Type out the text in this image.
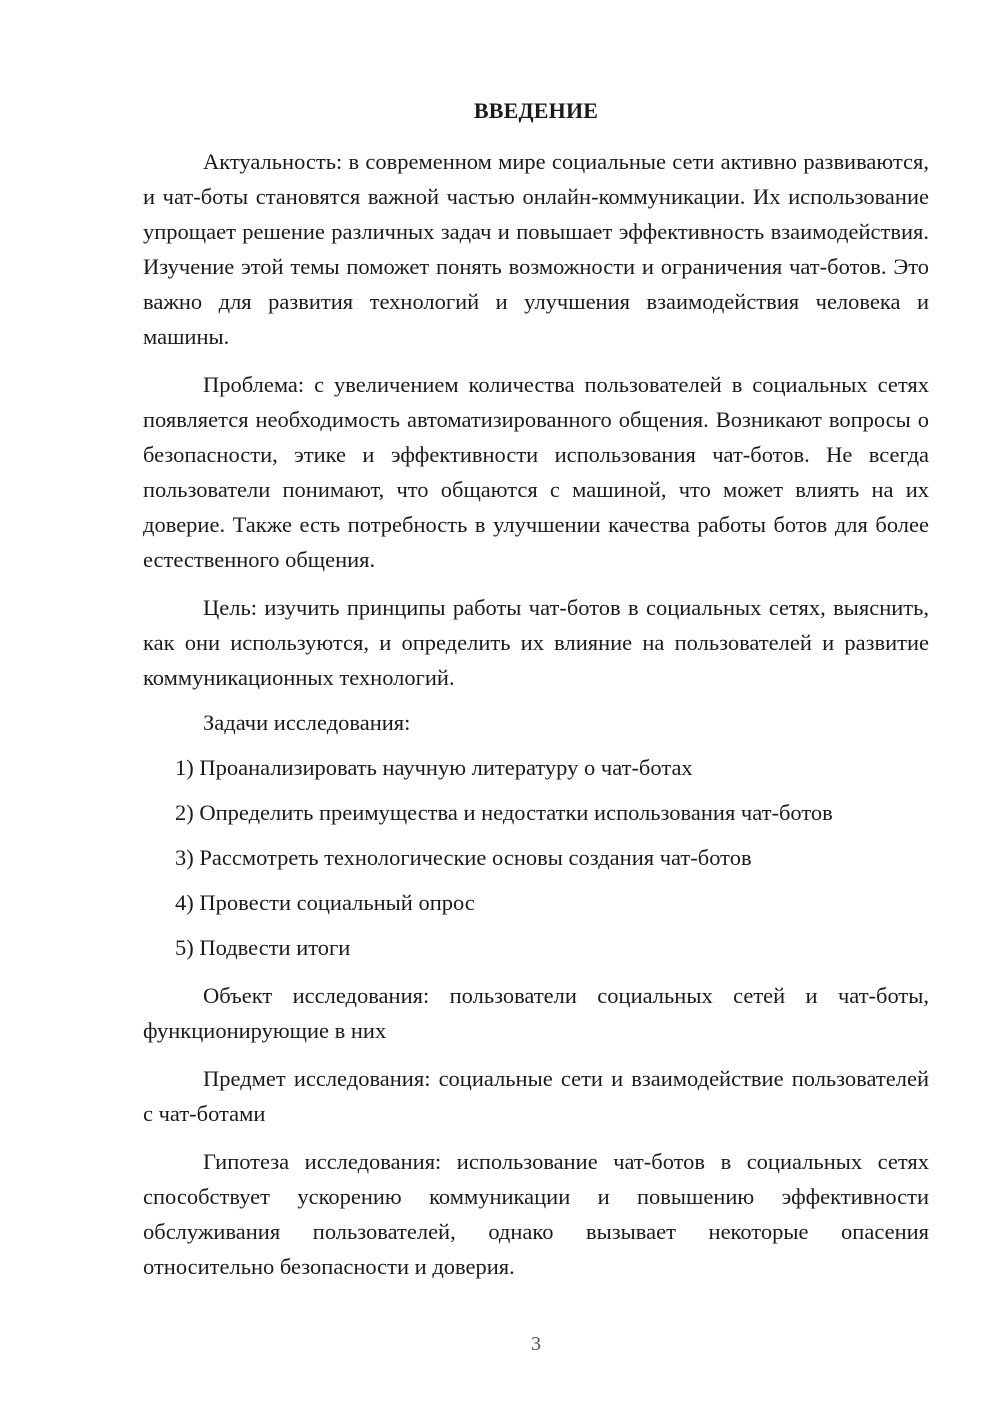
ВВЕДЕНИЕ

Актуальность: в современном мире социальные сети активно развиваются, и чат-боты становятся важной частью онлайн-коммуникации. Их использование упрощает решение различных задач и повышает эффективность взаимодействия. Изучение этой темы поможет понять возможности и ограничения чат-ботов. Это важно для развития технологий и улучшения взаимодействия человека и машины.

Проблема: с увеличением количества пользователей в социальных сетях появляется необходимость автоматизированного общения. Возникают вопросы о безопасности, этике и эффективности использования чат-ботов. Не всегда пользователи понимают, что общаются с машиной, что может влиять на их доверие. Также есть потребность в улучшении качества работы ботов для более естественного общения.

Цель: изучить принципы работы чат-ботов в социальных сетях, выяснить, как они используются, и определить их влияние на пользователей и развитие коммуникационных технологий.

Задачи исследования:

1) Проанализировать научную литературу о чат-ботах
2) Определить преимущества и недостатки использования чат-ботов
3) Рассмотреть технологические основы создания чат-ботов
4) Провести социальный опрос
5) Подвести итоги

Объект исследования: пользователи социальных сетей и чат-боты, функционирующие в них

Предмет исследования: социальные сети и взаимодействие пользователей с чат-ботами

Гипотеза исследования: использование чат-ботов в социальных сетях способствует ускорению коммуникации и повышению эффективности обслуживания пользователей, однако вызывает некоторые опасения относительно безопасности и доверия.

3
